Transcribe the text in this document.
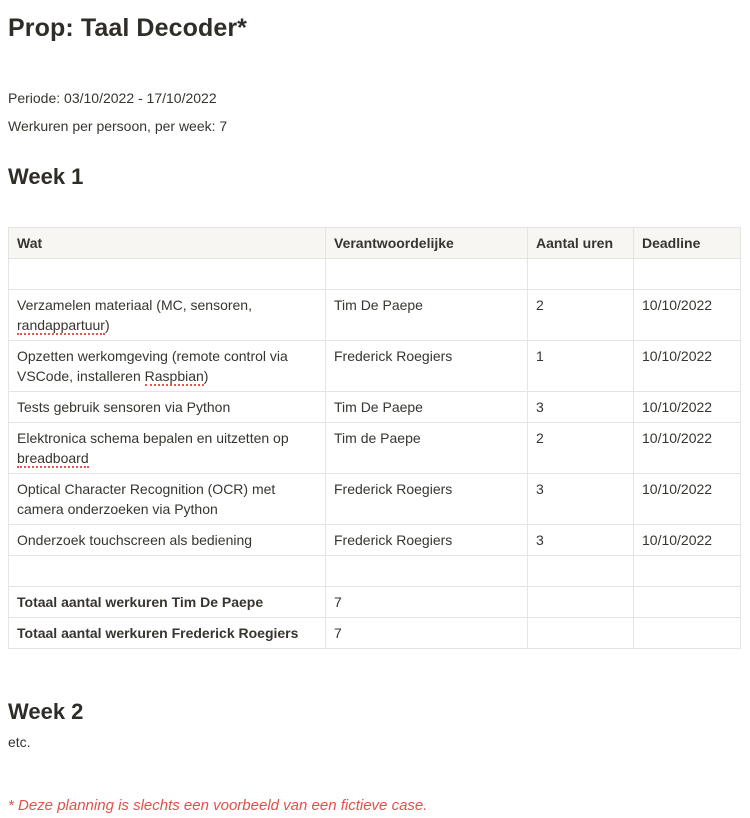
Prop: Taal Decoder*

Periode: 03/10/2022 - 17/10/2022

Werkuren per persoon, per week: 7

Week 1
Wat	Verantwoordelijke	Aantal uren	Deadline

Verzamelen materiaal (MC, sensoren, randappartuur)	Tim De Paepe	2	10/10/2022
Opzetten werkomgeving (remote control via VSCode, installeren Raspbian)	Frederick Roegiers	1	10/10/2022
Tests gebruik sensoren via Python	Tim De Paepe	3	10/10/2022
Elektronica schema bepalen en uitzetten op breadboard	Tim de Paepe	2	10/10/2022
Optical Character Recognition (OCR) met camera onderzoeken via Python	Frederick Roegiers	3	10/10/2022
Onderzoek touchscreen als bediening	Frederick Roegiers	3	10/10/2022

Totaal aantal werkuren Tim De Paepe	7		
Totaal aantal werkuren Frederick Roegiers	7		
Week 2

etc.

* Deze planning is slechts een voorbeeld van een fictieve case.
